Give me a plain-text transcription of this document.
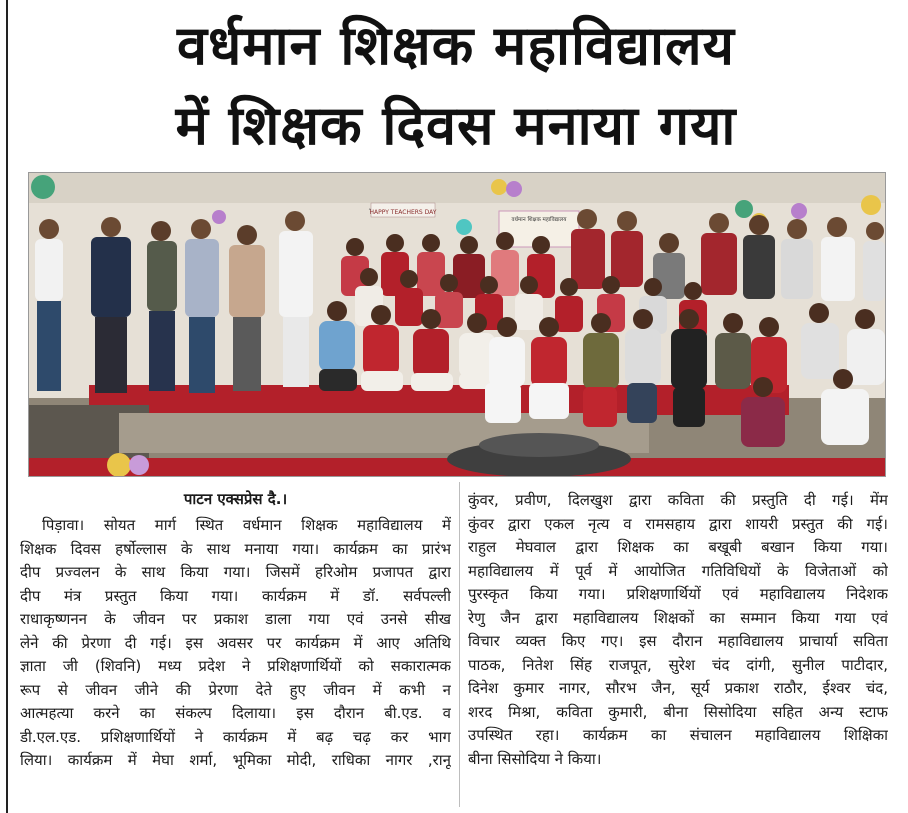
वर्धमान शिक्षक महाविद्यालय
में शिक्षक दिवस मनाया गया
HAPPY TEACHERS DAY
वर्धमान शिक्षक महाविद्यालय
पाटन एक्सप्रेस दै.।
पिड़ावा। सोयत मार्ग स्थित वर्धमान शिक्षक महाविद्यालय में
शिक्षक दिवस हर्षोल्लास के साथ मनाया गया। कार्यक्रम का प्रारंभ
दीप प्रज्वलन के साथ किया गया। जिसमें हरिओम प्रजापत द्वारा
दीप मंत्र प्रस्तुत किया गया। कार्यक्रम में डॉ. सर्वपल्ली
राधाकृष्णनन के जीवन पर प्रकाश डाला गया एवं उनसे सीख
लेने की प्रेरणा दी गई। इस अवसर पर कार्यक्रम में आए अतिथि
ज्ञाता जी (शिवनि) मध्य प्रदेश ने प्रशिक्षणार्थियों को सकारात्मक
रूप से जीवन जीने की प्रेरणा देते हुए जीवन में कभी न
आत्महत्या करने का संकल्प दिलाया। इस दौरान बी.एड. व
डी.एल.एड. प्रशिक्षणार्थियों ने कार्यक्रम में बढ़ चढ़ कर भाग
लिया। कार्यक्रम में मेघा शर्मा, भूमिका मोदी, राधिका नागर ,रानू
कुंवर, प्रवीण, दिलखुश द्वारा कविता की प्रस्तुति दी गई। मेंम
कुंवर द्वारा एकल नृत्य व रामसहाय द्वारा शायरी प्रस्तुत की गई।
राहुल मेघवाल द्वारा शिक्षक का बखूबी बखान किया गया।
महाविद्यालय में पूर्व में आयोजित गतिविधियों के विजेताओं को
पुरस्कृत किया गया। प्रशिक्षणार्थियों एवं महाविद्यालय निदेशक
रेणु जैन द्वारा महाविद्यालय शिक्षकों का सम्मान किया गया एवं
विचार व्यक्त किए गए। इस दौरान महाविद्यालय प्राचार्या सविता
पाठक, नितेश सिंह राजपूत, सुरेश चंद दांगी, सुनील पाटीदार,
दिनेश कुमार नागर, सौरभ जैन, सूर्य प्रकाश राठौर, ईश्वर चंद,
शरद मिश्रा, कविता कुमारी, बीना सिसोदिया सहित अन्य स्टाफ
उपस्थित रहा। कार्यक्रम का संचालन महाविद्यालय शिक्षिका
बीना सिसोदिया ने किया।
